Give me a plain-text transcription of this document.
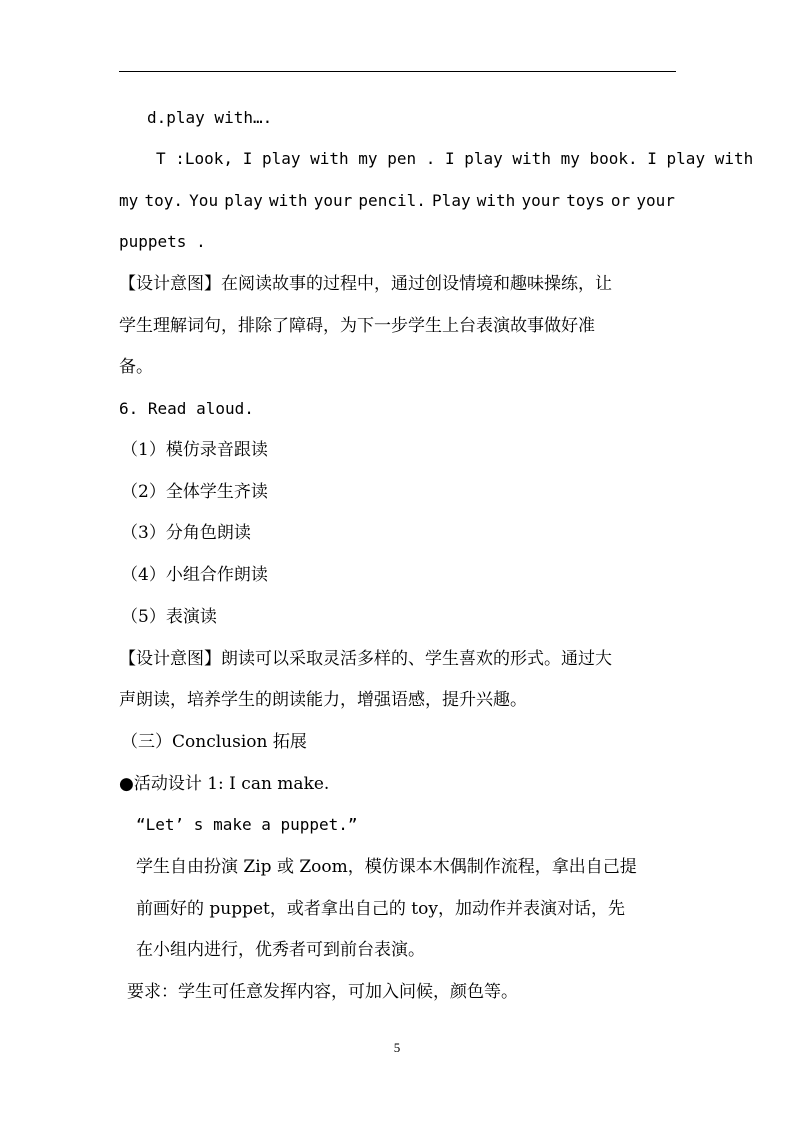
d.play with….
T :Look, I play with my pen . I play with my book. I play with
my toy. You play with your pencil. Play with your toys or your
puppets .
【设计意图】在阅读故事的过程中，通过创设情境和趣味操练，让
学生理解词句，排除了障碍，为下一步学生上台表演故事做好准
备。
6. Read aloud.
（1）模仿录音跟读
（2）全体学生齐读
（3）分角色朗读
（4）小组合作朗读
（5）表演读
【设计意图】朗读可以采取灵活多样的、学生喜欢的形式。通过大
声朗读，培养学生的朗读能力，增强语感，提升兴趣。
（三）Conclusion 拓展
●活动设计 1: I can make.
“Let’ s make a puppet.”
学生自由扮演 Zip 或 Zoom，模仿课本木偶制作流程，拿出自己提
前画好的 puppet，或者拿出自己的 toy，加动作并表演对话，先
在小组内进行，优秀者可到前台表演。
要求：学生可任意发挥内容，可加入问候，颜色等。
5
